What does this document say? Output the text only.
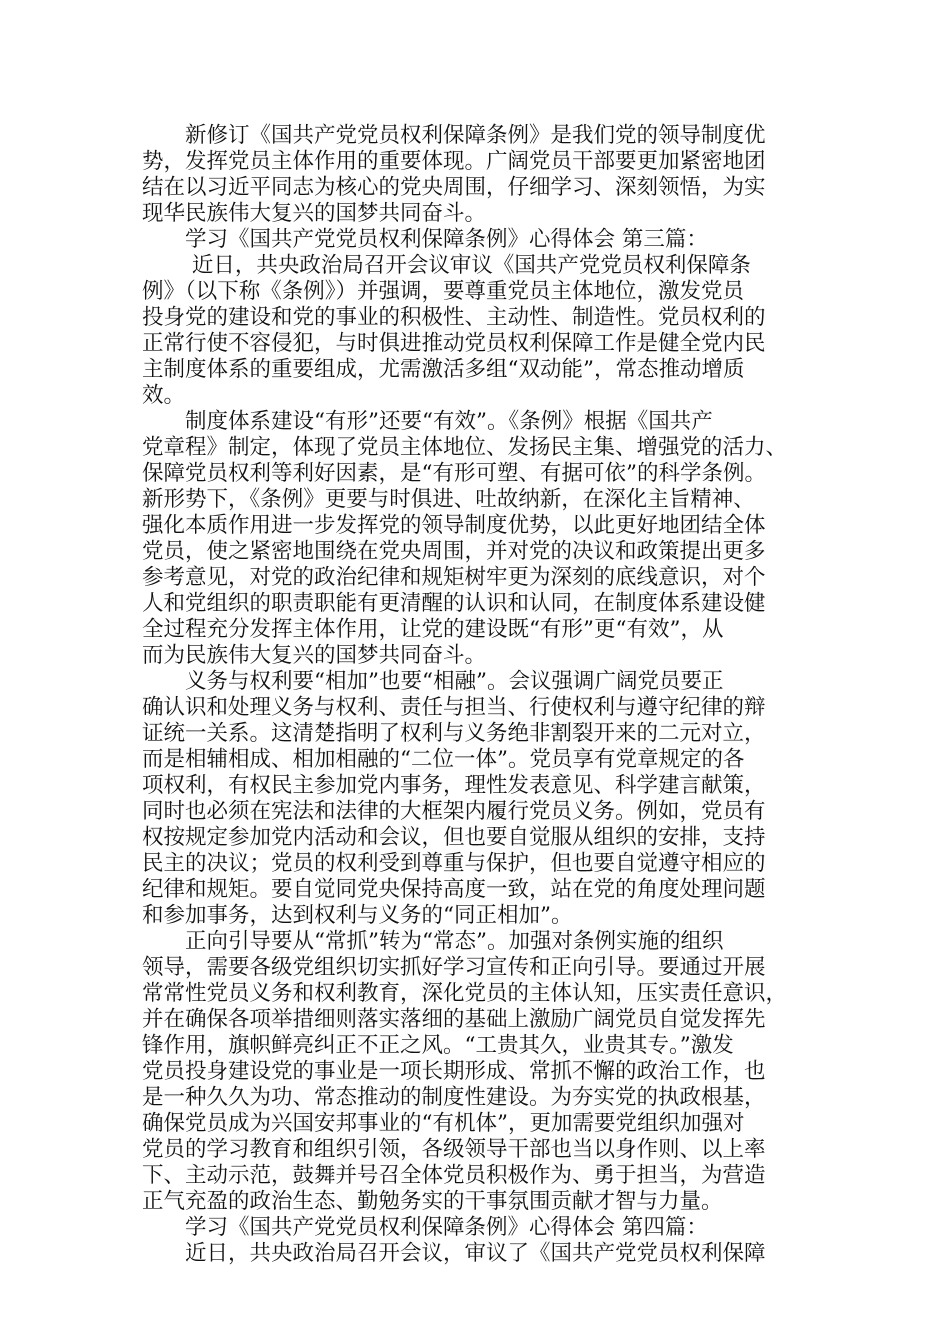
　　新修订《国共产党党员权利保障条例》是我们党的领导制度优
势，发挥党员主体作用的重要体现。广阔党员干部要更加紧密地团
结在以习近平同志为核心的党央周围，仔细学习、深刻领悟，为实
现华民族伟大复兴的国梦共同奋斗。
　　学习《国共产党党员权利保障条例》心得体会 第三篇：
　　 近日，共央政治局召开会议审议《国共产党党员权利保障条
例》（以下称《条例》）并强调，要尊重党员主体地位，激发党员
投身党的建设和党的事业的积极性、主动性、制造性。党员权利的
正常行使不容侵犯，与时俱进推动党员权利保障工作是健全党内民
主制度体系的重要组成，尤需激活多组“双动能”，常态推动增质
效。
　　制度体系建设“有形”还要“有效”。《条例》根据《国共产
党章程》制定，体现了党员主体地位、发扬民主集、增强党的活力、
保障党员权利等利好因素，是“有形可塑、有据可依”的科学条例。
新形势下，《条例》更要与时俱进、吐故纳新，在深化主旨精神、
强化本质作用进一步发挥党的领导制度优势，以此更好地团结全体
党员，使之紧密地围绕在党央周围，并对党的决议和政策提出更多
参考意见，对党的政治纪律和规矩树牢更为深刻的底线意识，对个
人和党组织的职责职能有更清醒的认识和认同，在制度体系建设健
全过程充分发挥主体作用，让党的建设既“有形”更“有效”，从
而为民族伟大复兴的国梦共同奋斗。
　　义务与权利要“相加”也要“相融”。会议强调广阔党员要正
确认识和处理义务与权利、责任与担当、行使权利与遵守纪律的辩
证统一关系。这清楚指明了权利与义务绝非割裂开来的二元对立，
而是相辅相成、相加相融的“二位一体”。党员享有党章规定的各
项权利，有权民主参加党内事务，理性发表意见、科学建言献策，
同时也必须在宪法和法律的大框架内履行党员义务。例如，党员有
权按规定参加党内活动和会议，但也要自觉服从组织的安排，支持
民主的决议；党员的权利受到尊重与保护，但也要自觉遵守相应的
纪律和规矩。要自觉同党央保持高度一致，站在党的角度处理问题
和参加事务，达到权利与义务的“同正相加”。
　　正向引导要从“常抓”转为“常态”。加强对条例实施的组织
领导，需要各级党组织切实抓好学习宣传和正向引导。要通过开展
常常性党员义务和权利教育，深化党员的主体认知，压实责任意识，
并在确保各项举措细则落实落细的基础上激励广阔党员自觉发挥先
锋作用，旗帜鲜亮纠正不正之风。“工贵其久，业贵其专。”激发
党员投身建设党的事业是一项长期形成、常抓不懈的政治工作，也
是一种久久为功、常态推动的制度性建设。为夯实党的执政根基，
确保党员成为兴国安邦事业的“有机体”，更加需要党组织加强对
党员的学习教育和组织引领，各级领导干部也当以身作则、以上率
下、主动示范，鼓舞并号召全体党员积极作为、勇于担当，为营造
正气充盈的政治生态、勤勉务实的干事氛围贡献才智与力量。
　　学习《国共产党党员权利保障条例》心得体会 第四篇：
　　近日，共央政治局召开会议，审议了《国共产党党员权利保障
